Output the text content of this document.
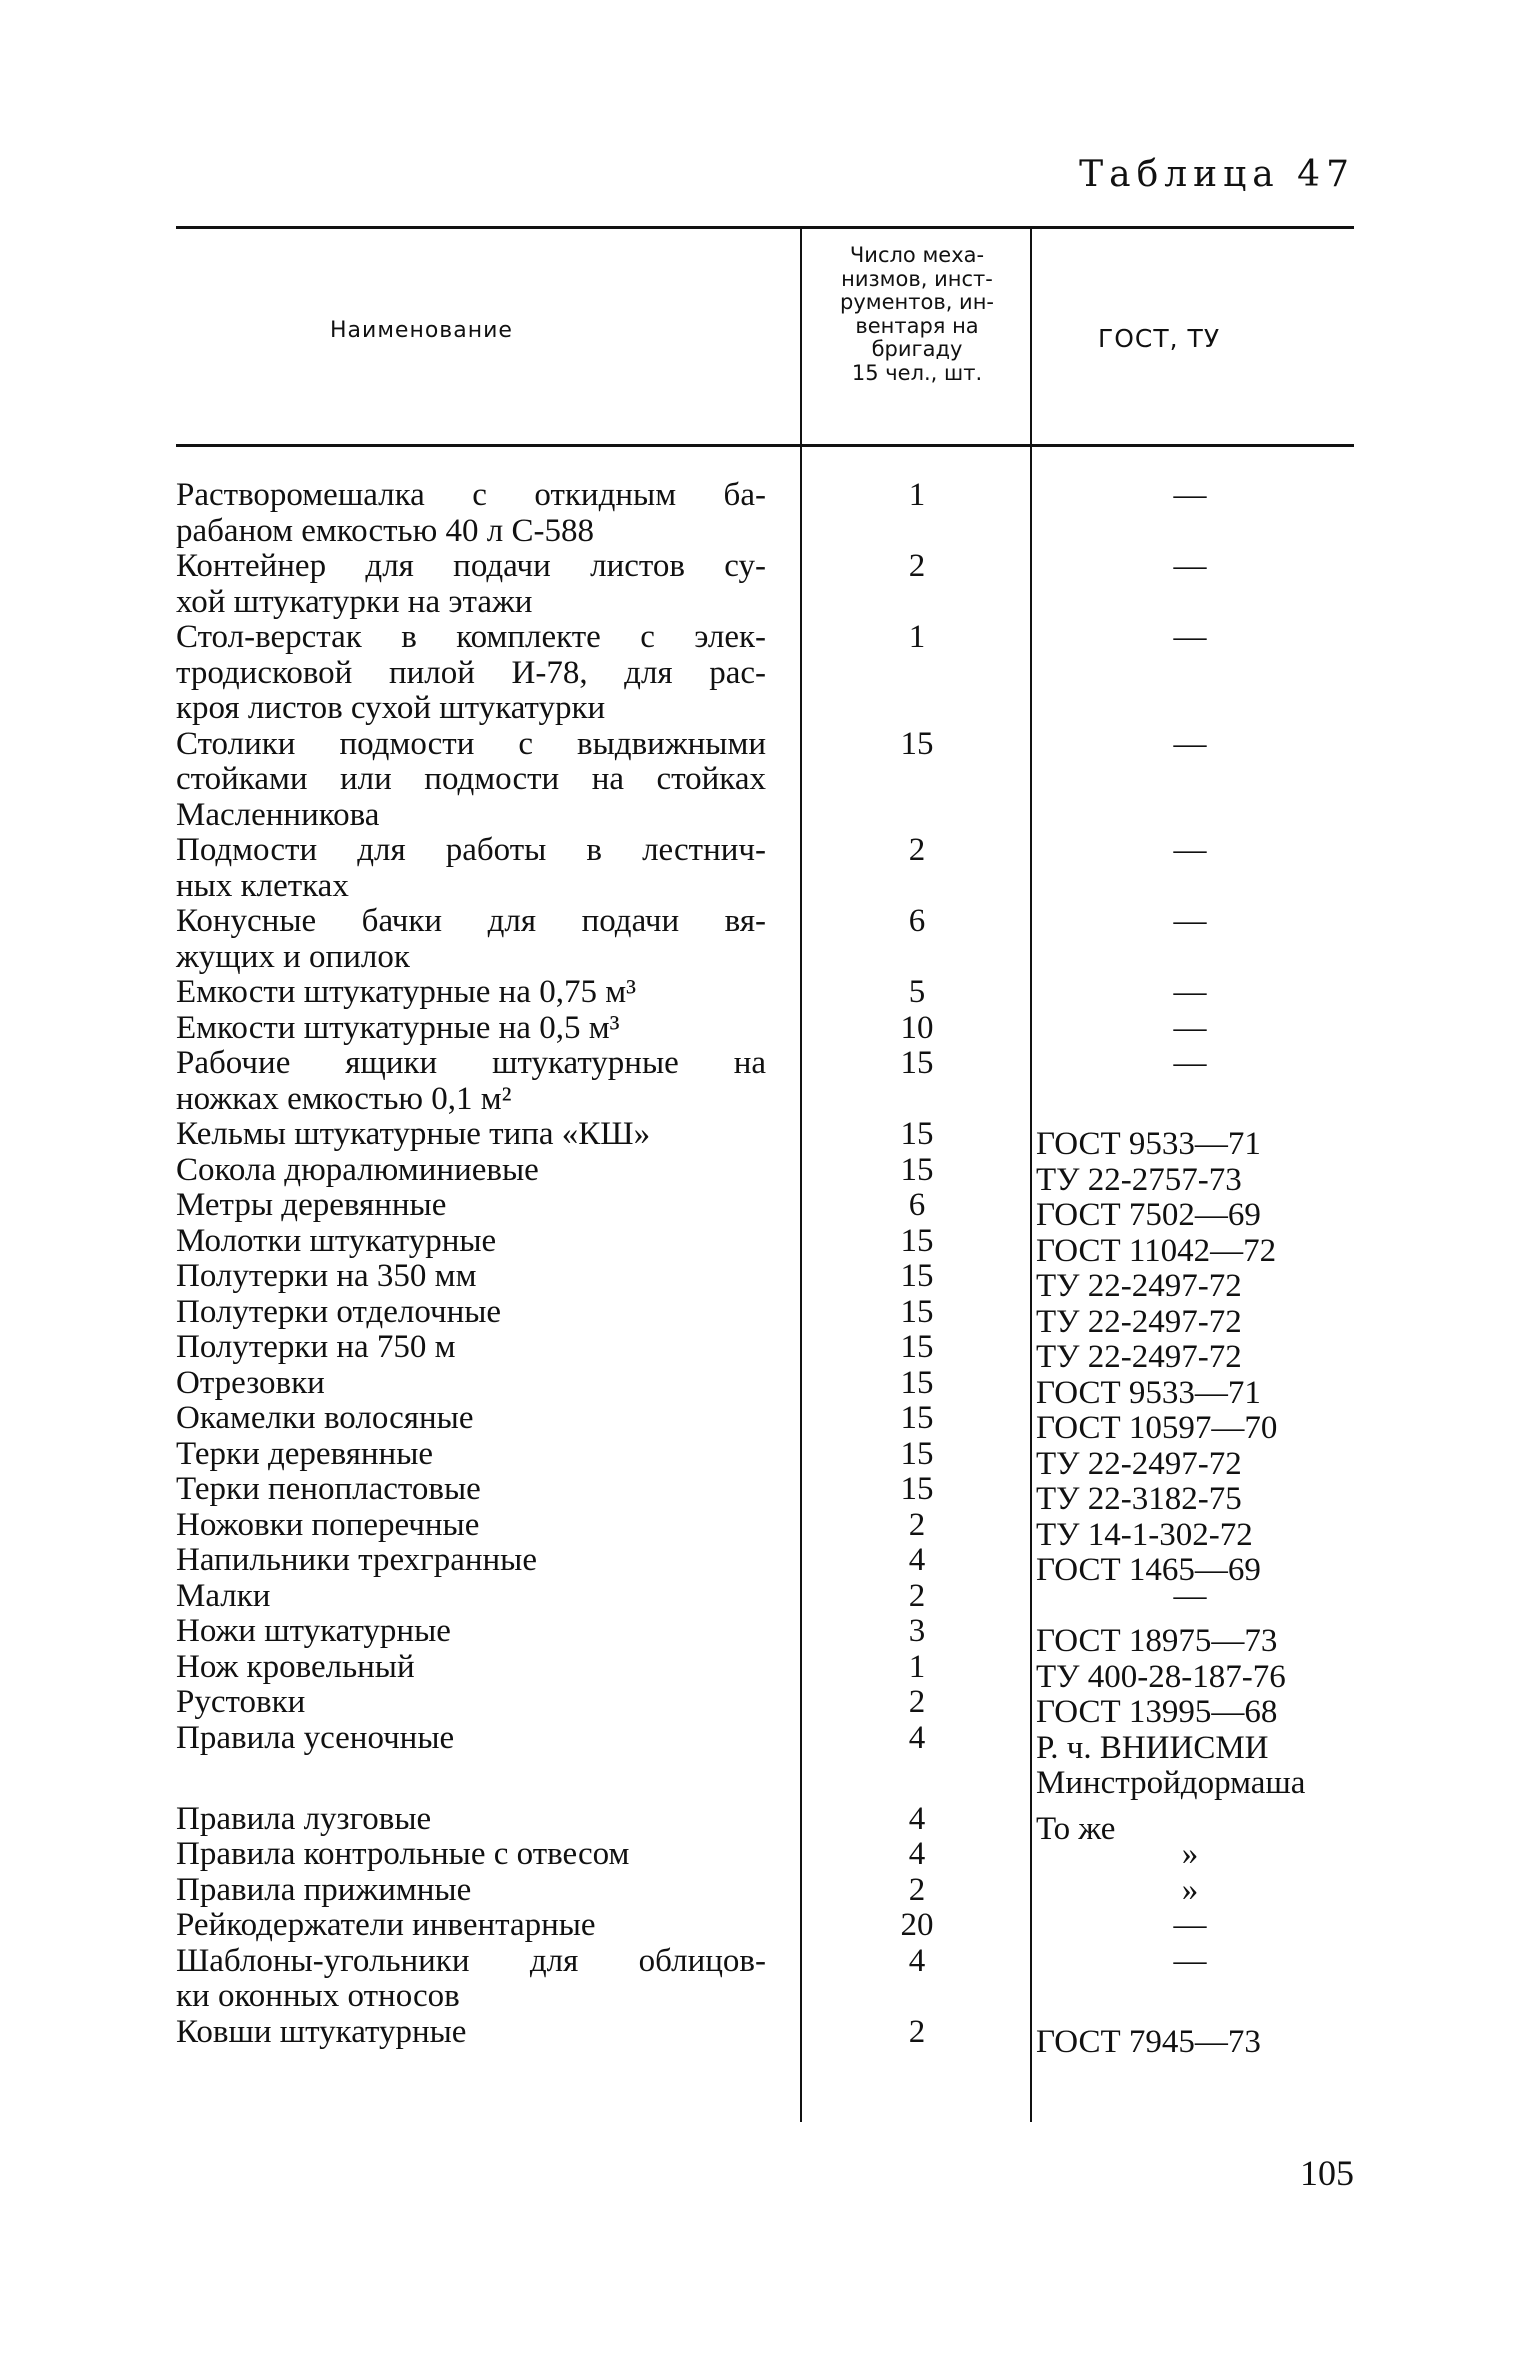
Таблица 47
Наименование
Число меха-
низмов, инст-
рументов, ин-
вентаря на
бригаду
15 чел., шт.
ГОСТ, ТУ
Растворомешалка с откидным ба-
рабаном емкостью 40 л С-588
1	—
Контейнер для подачи листов су-
хой штукатурки на этажи
2	—
Стол-верстак в комплекте с элек-
тродисковой пилой И-78, для рас-
кроя листов сухой штукатурки
1	—
Столики подмости с выдвижными
стойками или подмости на стойках
Масленникова
15	—
Подмости для работы в лестнич-
ных клетках
2	—
Конусные бачки для подачи вя-
жущих и опилок
6	—
Емкости штукатурные на 0,75 м³	5	—
Емкости штукатурные на 0,5 м³	10	—
Рабочие ящики штукатурные на
ножках емкостью 0,1 м²
15	—
Кельмы штукатурные типа «КШ»	15	ГОСТ 9533—71
Сокола дюралюминиевые	15	ТУ 22-2757-73
Метры деревянные	6	ГОСТ 7502—69
Молотки штукатурные	15	ГОСТ 11042—72
Полутерки на 350 мм	15	ТУ 22-2497-72
Полутерки отделочные	15	ТУ 22-2497-72
Полутерки на 750 м	15	ТУ 22-2497-72
Отрезовки	15	ГОСТ 9533—71
Окамелки волосяные	15	ГОСТ 10597—70
Терки деревянные	15	ТУ 22-2497-72
Терки пенопластовые	15	ТУ 22-3182-75
Ножовки поперечные	2	ТУ 14-1-302-72
Напильники трехгранные	4	ГОСТ 1465—69
Малки	2	—
Ножи штукатурные	3	ГОСТ 18975—73
Нож кровельный	1	ТУ 400-28-187-76
Рустовки	2	ГОСТ 13995—68
Правила усеночные	4	Р. ч. ВНИИСМИ
Минстройдормаша
Правила лузговые	4	То же
Правила контрольные с отвесом	4	»
Правила прижимные	2	»
Рейкодержатели инвентарные	20	—
Шаблоны-угольники для облицов-
ки оконных относов
4	—
Ковши штукатурные	2	ГОСТ 7945—73
105
